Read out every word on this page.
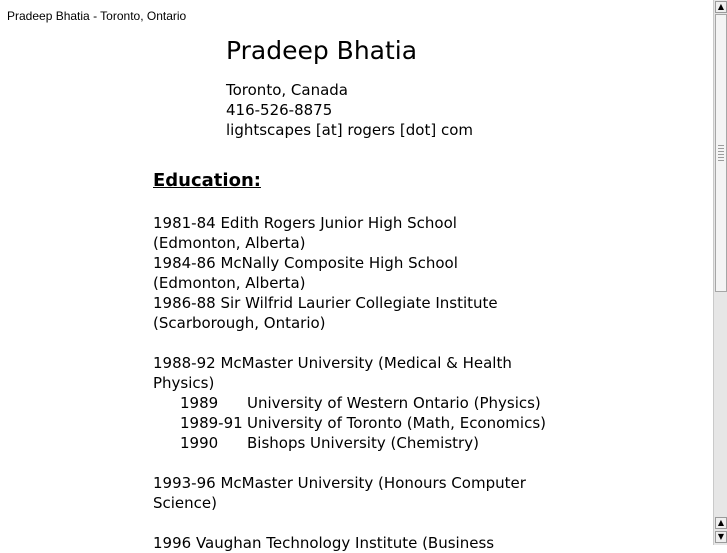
Pradeep Bhatia - Toronto, Ontario
Pradeep Bhatia
Toronto, Canada
416-526-8875
lightscapes [at] rogers [dot] com
Education:
1981-84 Edith Rogers Junior High School
(Edmonton, Alberta)
1984-86 McNally Composite High School
(Edmonton, Alberta)
1986-88 Sir Wilfrid Laurier Collegiate Institute
(Scarborough, Ontario)
1988-92 McMaster University (Medical & Health
Physics)
1989 University of Western Ontario (Physics)
1989-91 University of Toronto (Math, Economics)
1990 Bishops University (Chemistry)
1993-96 McMaster University (Honours Computer
Science)
1996 Vaughan Technology Institute (Business
▲
▲
▼
